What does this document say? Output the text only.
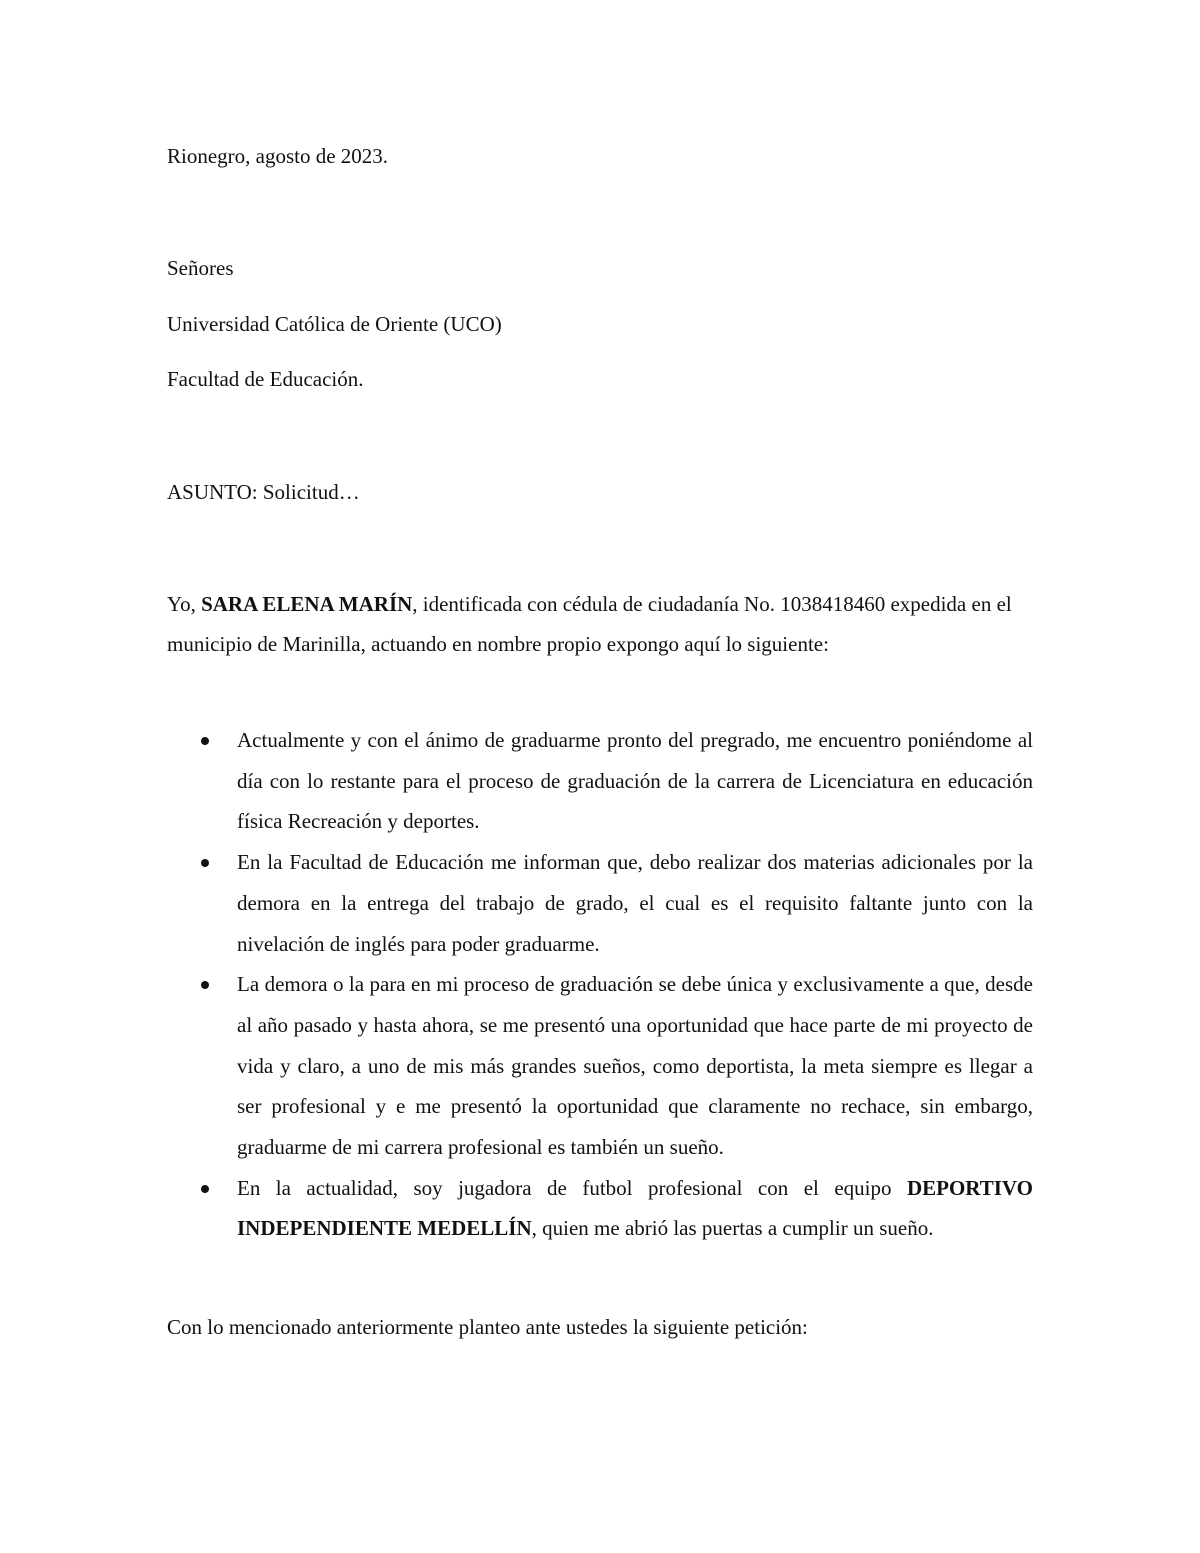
Rionegro, agosto de 2023.
Señores
Universidad Católica de Oriente (UCO)
Facultad de Educación.
ASUNTO: Solicitud…

Yo, SARA ELENA MARÍN, identificada con cédula de ciudadanía No. 1038418460 expedida en el municipio de Marinilla, actuando en nombre propio expongo aquí lo siguiente:

Actualmente y con el ánimo de graduarme pronto del pregrado, me encuentro poniéndome al día con lo restante para el proceso de graduación de la carrera de Licenciatura en educación física Recreación y deportes.
En la Facultad de Educación me informan que, debo realizar dos materias adicionales por la demora en la entrega del trabajo de grado, el cual es el requisito faltante junto con la nivelación de inglés para poder graduarme.
La demora o la para en mi proceso de graduación se debe única y exclusivamente a que, desde al año pasado y hasta ahora, se me presentó una oportunidad que hace parte de mi proyecto de vida y claro, a uno de mis más grandes sueños, como deportista, la meta siempre es llegar a ser profesional y e me presentó la oportunidad que claramente no rechace, sin embargo, graduarme de mi carrera profesional es también un sueño.
En la actualidad, soy jugadora de futbol profesional con el equipo DEPORTIVO INDEPENDIENTE MEDELLÍN, quien me abrió las puertas a cumplir un sueño.
Con lo mencionado anteriormente planteo ante ustedes la siguiente petición:
